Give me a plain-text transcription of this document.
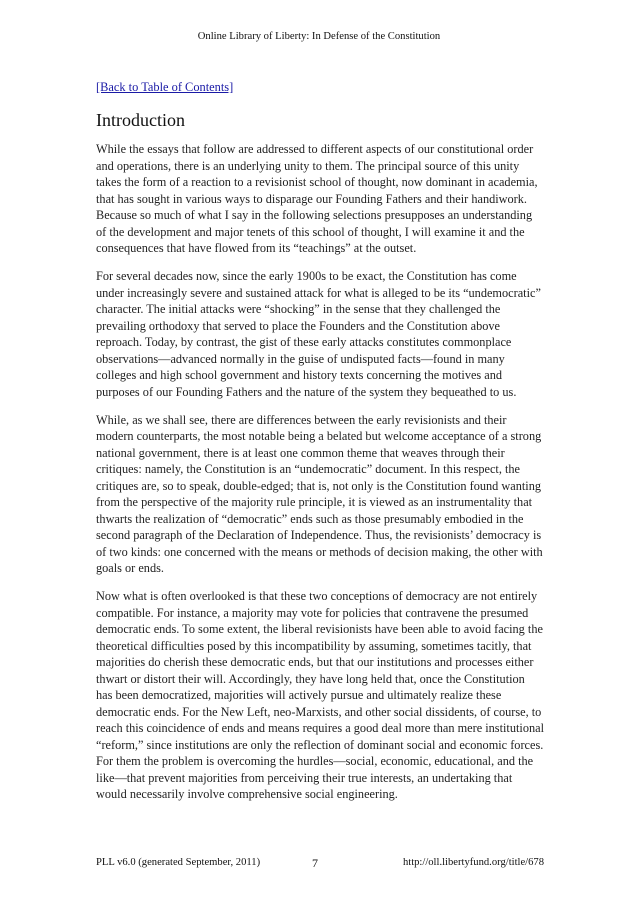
Online Library of Liberty: In Defense of the Constitution
[Back to Table of Contents]
Introduction

While the essays that follow are addressed to different aspects of our constitutional order and operations, there is an underlying unity to them. The principal source of this unity takes the form of a reaction to a revisionist school of thought, now dominant in academia, that has sought in various ways to disparage our Founding Fathers and their handiwork. Because so much of what I say in the following selections presupposes an understanding of the development and major tenets of this school of thought, I will examine it and the consequences that have flowed from its “teachings” at the outset.

For several decades now, since the early 1900s to be exact, the Constitution has come under increasingly severe and sustained attack for what is alleged to be its “undemocratic” character. The initial attacks were “shocking” in the sense that they challenged the prevailing orthodoxy that served to place the Founders and the Constitution above reproach. Today, by contrast, the gist of these early attacks constitutes commonplace observations—advanced normally in the guise of undisputed facts—found in many colleges and high school government and history texts concerning the motives and purposes of our Founding Fathers and the nature of the system they bequeathed to us.

While, as we shall see, there are differences between the early revisionists and their modern counterparts, the most notable being a belated but welcome acceptance of a strong national government, there is at least one common theme that weaves through their critiques: namely, the Constitution is an “undemocratic” document. In this respect, the critiques are, so to speak, double-edged; that is, not only is the Constitution found wanting from the perspective of the majority rule principle, it is viewed as an instrumentality that thwarts the realization of “democratic” ends such as those presumably embodied in the second paragraph of the Declaration of Independence. Thus, the revisionists’ democracy is of two kinds: one concerned with the means or methods of decision making, the other with goals or ends.

Now what is often overlooked is that these two conceptions of democracy are not entirely compatible. For instance, a majority may vote for policies that contravene the presumed democratic ends. To some extent, the liberal revisionists have been able to avoid facing the theoretical difficulties posed by this incompatibility by assuming, sometimes tacitly, that majorities do cherish these democratic ends, but that our institutions and processes either thwart or distort their will. Accordingly, they have long held that, once the Constitution has been democratized, majorities will actively pursue and ultimately realize these democratic ends. For the New Left, neo-Marxists, and other social dissidents, of course, to reach this coincidence of ends and means requires a good deal more than mere institutional “reform,” since institutions are only the reflection of dominant social and economic forces. For them the problem is overcoming the hurdles—social, economic, educational, and the like—that prevent majorities from perceiving their true interests, an undertaking that would necessarily involve comprehensive social engineering.

PLL v6.0 (generated September, 2011)	7	http://oll.libertyfund.org/title/678
